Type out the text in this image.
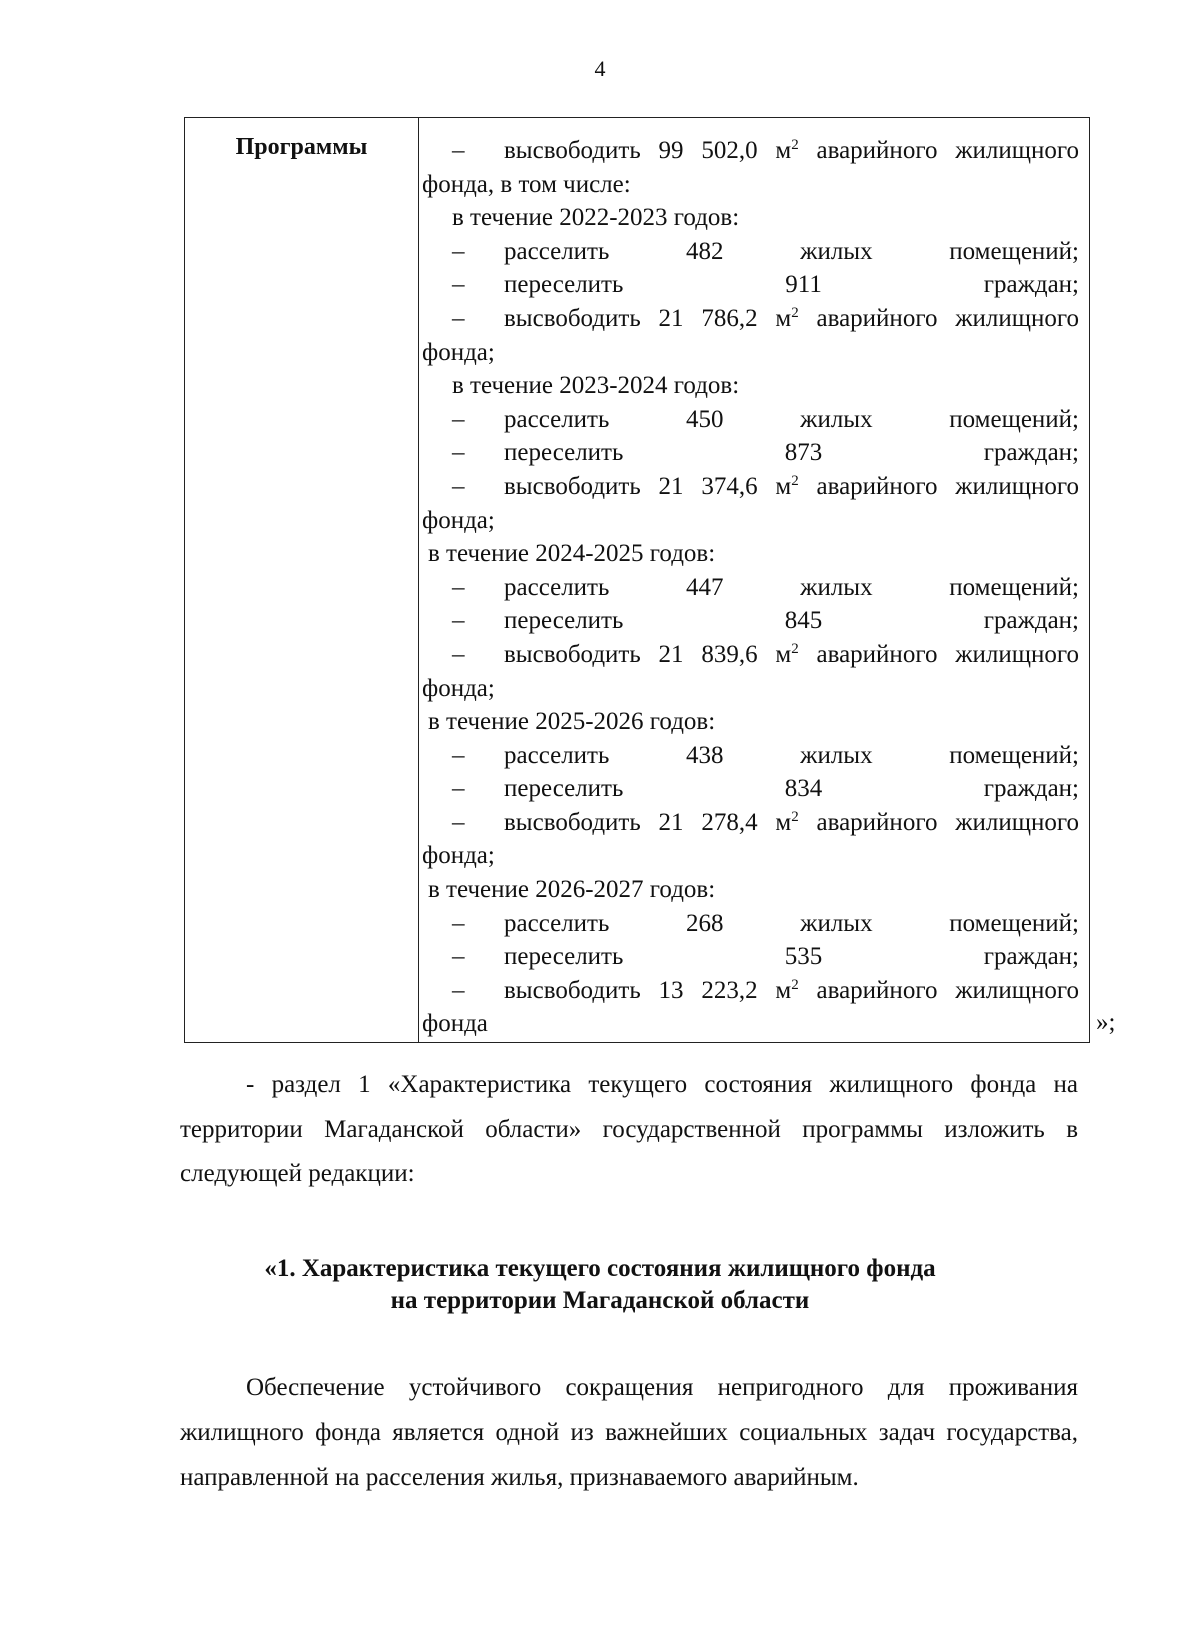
4
Программы	– высвободить 99 502,0 $м^2$ аварийного жилищного
фонда, в том числе:
в течение 2022-2023 годов:
– расселить 482 жилых помещений;
– переселить 911 граждан;
– высвободить 21 786,2 $м^2$ аварийного жилищного
фонда;
в течение 2023-2024 годов:
– расселить 450 жилых помещений;
– переселить 873 граждан;
– высвободить 21 374,6 $м^2$ аварийного жилищного
фонда;
в течение 2024-2025 годов:
– расселить 447 жилых помещений;
– переселить 845 граждан;
– высвободить 21 839,6 $м^2$ аварийного жилищного
фонда;
в течение 2025-2026 годов:
– расселить 438 жилых помещений;
– переселить 834 граждан;
– высвободить 21 278,4 $м^2$ аварийного жилищного
фонда;
в течение 2026-2027 годов:
– расселить 268 жилых помещений;
– переселить 535 граждан;
– высвободить 13 223,2 $м^2$ аварийного жилищного
фонда	»;
- раздел 1 «Характеристика текущего состояния жилищного фонда на территории Магаданской области» государственной программы изложить в следующей редакции:
«1. Характеристика текущего состояния жилищного фонда
на территории Магаданской области
Обеспечение устойчивого сокращения непригодного для проживания жилищного фонда является одной из важнейших социальных задач государства, направленной на расселения жилья, признаваемого аварийным.
